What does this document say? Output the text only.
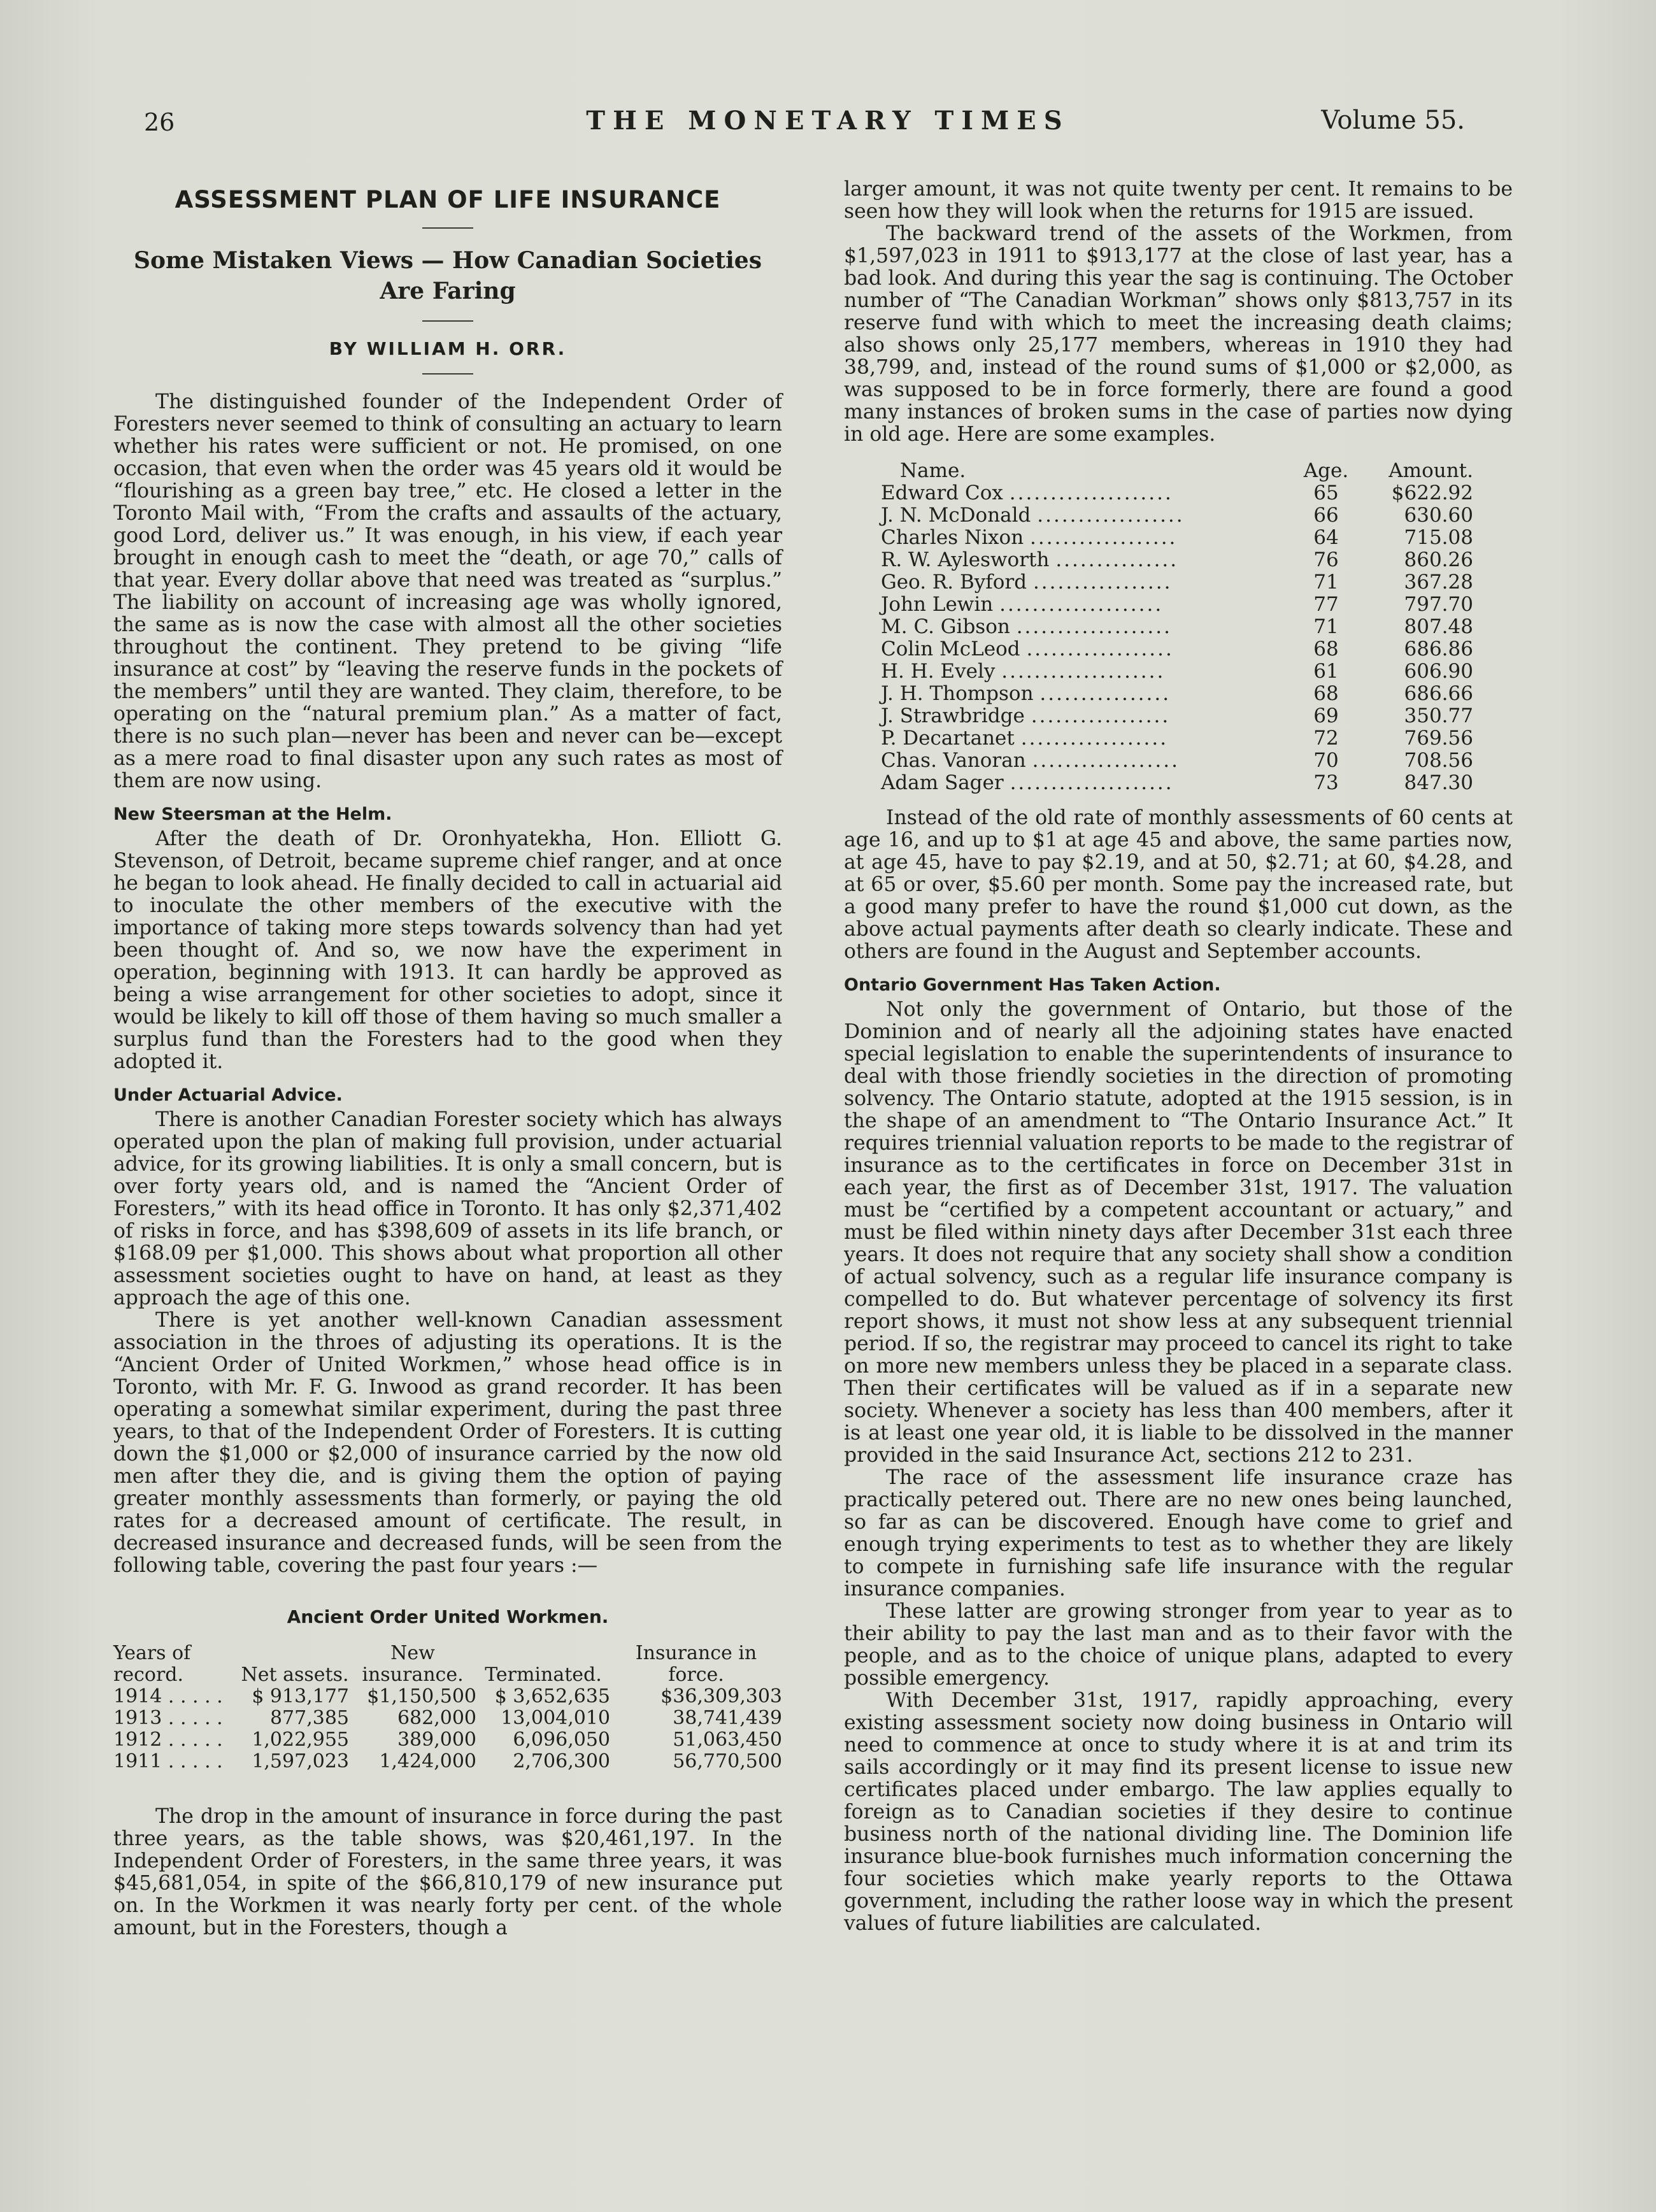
26	THE MONETARY TIMES	Volume 55.
ASSESSMENT PLAN OF LIFE INSURANCE
Some Mistaken Views — How Canadian Societies Are Faring
BY WILLIAM H. ORR.

The distinguished founder of the Independent Order of Foresters never seemed to think of consulting an actuary to learn whether his rates were sufficient or not. He promised, on one occasion, that even when the order was 45 years old it would be “flourishing as a green bay tree,” etc. He closed a letter in the Toronto Mail with, “From the crafts and assaults of the actuary, good Lord, deliver us.” It was enough, in his view, if each year brought in enough cash to meet the “death, or age 70,” calls of that year. Every dollar above that need was treated as “surplus.” The liability on account of increasing age was wholly ignored, the same as is now the case with almost all the other societies throughout the continent. They pretend to be giving “life insurance at cost” by “leaving the reserve funds in the pockets of the members” until they are wanted. They claim, therefore, to be operating on the “natural premium plan.” As a matter of fact, there is no such plan—never has been and never can be—except as a mere road to final disaster upon any such rates as most of them are now using.

New Steersman at the Helm.

After the death of Dr. Oronhyatekha, Hon. Elliott G. Stevenson, of Detroit, became supreme chief ranger, and at once he began to look ahead. He finally decided to call in actuarial aid to inoculate the other members of the executive with the importance of taking more steps towards solvency than had yet been thought of. And so, we now have the experiment in operation, beginning with 1913. It can hardly be approved as being a wise arrangement for other societies to adopt, since it would be likely to kill off those of them having so much smaller a surplus fund than the Foresters had to the good when they adopted it.

Under Actuarial Advice.

There is another Canadian Forester society which has always operated upon the plan of making full provision, under actuarial advice, for its growing liabilities. It is only a small concern, but is over forty years old, and is named the “Ancient Order of Foresters,” with its head office in Toronto. It has only $2,371,402 of risks in force, and has $398,609 of assets in its life branch, or $168.09 per $1,000. This shows about what proportion all other assessment societies ought to have on hand, at least as they approach the age of this one.

There is yet another well-known Canadian assessment association in the throes of adjusting its operations. It is the “Ancient Order of United Workmen,” whose head office is in Toronto, with Mr. F. G. Inwood as grand recorder. It has been operating a somewhat similar experiment, during the past three years, to that of the Independent Order of Foresters. It is cutting down the $1,000 or $2,000 of insurance carried by the now old men after they die, and is giving them the option of paying greater monthly assessments than formerly, or paying the old rates for a decreased amount of certificate. The result, in decreased insurance and decreased funds, will be seen from the following table, covering the past four years :—

Ancient Order United Workmen.
Years of record.	Net assets.	New insurance.	Terminated.	Insurance in force.
1914 . . . . .	$ 913,177	$1,150,500	$ 3,652,635	$36,309,303
1913 . . . . .	877,385	682,000	13,004,010	38,741,439
1912 . . . . .	1,022,955	389,000	6,096,050	51,063,450
1911 . . . . .	1,597,023	1,424,000	2,706,300	56,770,500

The drop in the amount of insurance in force during the past three years, as the table shows, was $20,461,197. In the Independent Order of Foresters, in the same three years, it was $45,681,054, in spite of the $66,810,179 of new insurance put on. In the Workmen it was nearly forty per cent. of the whole amount, but in the Foresters, though a

larger amount, it was not quite twenty per cent. It remains to be seen how they will look when the returns for 1915 are issued.

The backward trend of the assets of the Workmen, from $1,597,023 in 1911 to $913,177 at the close of last year, has a bad look. And during this year the sag is continuing. The October number of “The Canadian Workman” shows only $813,757 in its reserve fund with which to meet the increasing death claims; also shows only 25,177 members, whereas in 1910 they had 38,799, and, instead of the round sums of $1,000 or $2,000, as was supposed to be in force formerly, there are found a good many instances of broken sums in the case of parties now dying in old age. Here are some examples.

Name.	Age.	Amount.
Edward Cox ....................	65	$622.92
J. N. McDonald ..................	66	630.60
Charles Nixon ..................	64	715.08
R. W. Aylesworth ...............	76	860.26
Geo. R. Byford .................	71	367.28
John Lewin ....................	77	797.70
M. C. Gibson ...................	71	807.48
Colin McLeod ..................	68	686.86
H. H. Evely ....................	61	606.90
J. H. Thompson ................	68	686.66
J. Strawbridge .................	69	350.77
P. Decartanet ..................	72	769.56
Chas. Vanoran ..................	70	708.56
Adam Sager ....................	73	847.30

Instead of the old rate of monthly assessments of 60 cents at age 16, and up to $1 at age 45 and above, the same parties now, at age 45, have to pay $2.19, and at 50, $2.71; at 60, $4.28, and at 65 or over, $5.60 per month. Some pay the increased rate, but a good many prefer to have the round $1,000 cut down, as the above actual payments after death so clearly indicate. These and others are found in the August and September accounts.

Ontario Government Has Taken Action.

Not only the government of Ontario, but those of the Dominion and of nearly all the adjoining states have enacted special legislation to enable the superintendents of insurance to deal with those friendly societies in the direction of promoting solvency. The Ontario statute, adopted at the 1915 session, is in the shape of an amendment to “The Ontario Insurance Act.” It requires triennial valuation reports to be made to the registrar of insurance as to the certificates in force on December 31st in each year, the first as of December 31st, 1917. The valuation must be “certified by a competent accountant or actuary,” and must be filed within ninety days after December 31st each three years. It does not require that any society shall show a condition of actual solvency, such as a regular life insurance company is compelled to do. But whatever percentage of solvency its first report shows, it must not show less at any subsequent triennial period. If so, the registrar may proceed to cancel its right to take on more new members unless they be placed in a separate class. Then their certificates will be valued as if in a separate new society. Whenever a society has less than 400 members, after it is at least one year old, it is liable to be dissolved in the manner provided in the said Insurance Act, sections 212 to 231.

The race of the assessment life insurance craze has practically petered out. There are no new ones being launched, so far as can be discovered. Enough have come to grief and enough trying experiments to test as to whether they are likely to compete in furnishing safe life insurance with the regular insurance companies.

These latter are growing stronger from year to year as to their ability to pay the last man and as to their favor with the people, and as to the choice of unique plans, adapted to every possible emergency.

With December 31st, 1917, rapidly approaching, every existing assessment society now doing business in Ontario will need to commence at once to study where it is at and trim its sails accordingly or it may find its present license to issue new certificates placed under embargo. The law applies equally to foreign as to Canadian societies if they desire to continue business north of the national dividing line. The Dominion life insurance blue-book furnishes much information concerning the four societies which make yearly reports to the Ottawa government, including the rather loose way in which the present values of future liabilities are calculated.
